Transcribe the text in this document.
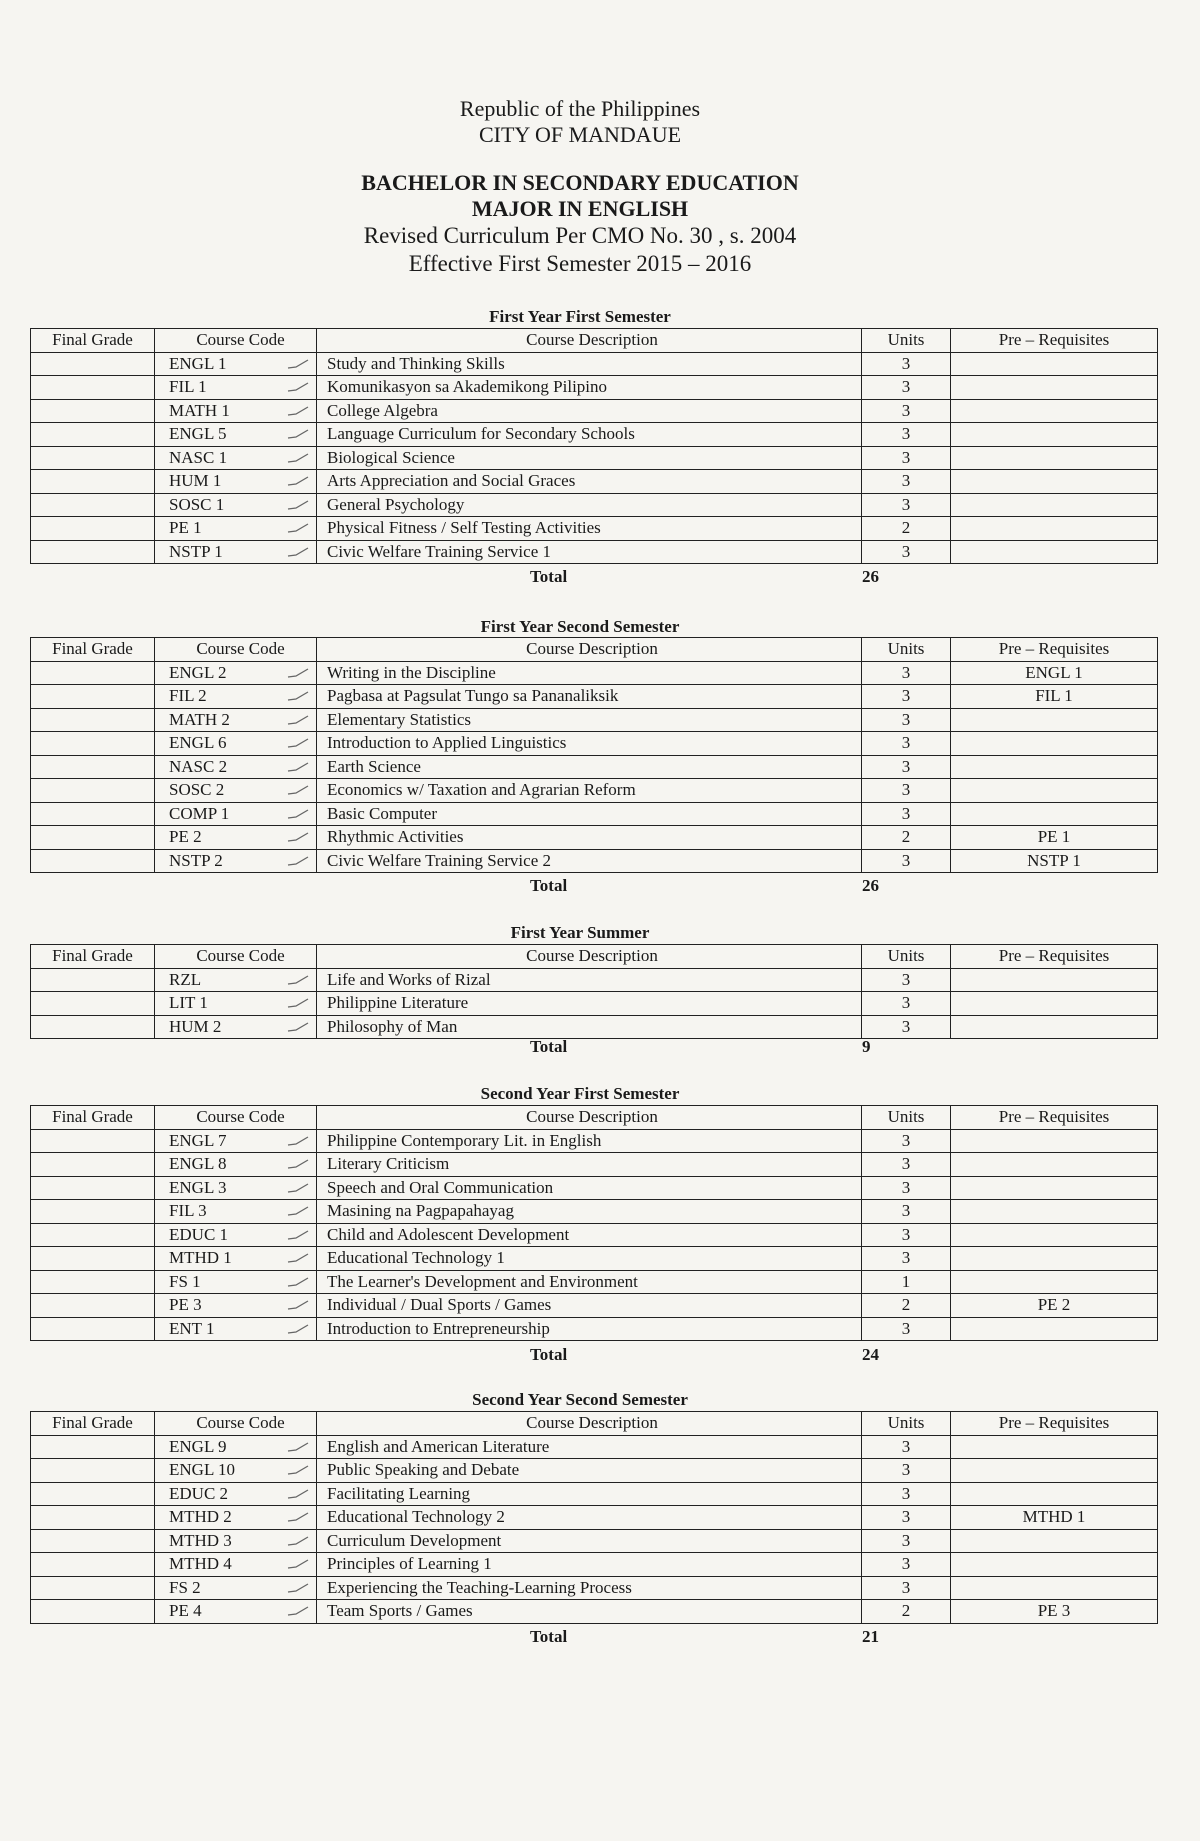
Republic of the Philippines
CITY OF MANDAUE
BACHELOR IN SECONDARY EDUCATION
MAJOR IN ENGLISH
Revised Curriculum Per CMO No. 30 , s. 2004
Effective First Semester 2015 – 2016
First Year First Semester
Final Grade	Course Code	Course Description	Units	Pre – Requisites
	ENGL 1	Study and Thinking Skills	3	
	FIL 1	Komunikasyon sa Akademikong Pilipino	3	
	MATH 1	College Algebra	3	
	ENGL 5	Language Curriculum for Secondary Schools	3	
	NASC 1	Biological Science	3	
	HUM 1	Arts Appreciation and Social Graces	3	
	SOSC 1	General Psychology	3	
	PE 1	Physical Fitness / Self Testing Activities	2	
	NSTP 1	Civic Welfare Training Service 1	3	
Total	26
First Year Second Semester
Final Grade	Course Code	Course Description	Units	Pre – Requisites
	ENGL 2	Writing in the Discipline	3	ENGL 1
	FIL 2	Pagbasa at Pagsulat Tungo sa Pananaliksik	3	FIL 1
	MATH 2	Elementary Statistics	3	
	ENGL 6	Introduction to Applied Linguistics	3	
	NASC 2	Earth Science	3	
	SOSC 2	Economics w/ Taxation and Agrarian Reform	3	
	COMP 1	Basic Computer	3	
	PE 2	Rhythmic Activities	2	PE 1
	NSTP 2	Civic Welfare Training Service 2	3	NSTP 1
Total	26
First Year Summer
Final Grade	Course Code	Course Description	Units	Pre – Requisites
	RZL	Life and Works of Rizal	3	
	LIT 1	Philippine Literature	3	
	HUM 2	Philosophy of Man	3	
Total	9
Second Year First Semester
Final Grade	Course Code	Course Description	Units	Pre – Requisites
	ENGL 7	Philippine Contemporary Lit. in English	3	
	ENGL 8	Literary Criticism	3	
	ENGL 3	Speech and Oral Communication	3	
	FIL 3	Masining na Pagpapahayag	3	
	EDUC 1	Child and Adolescent Development	3	
	MTHD 1	Educational Technology 1	3	
	FS 1	The Learner's Development and Environment	1	
	PE 3	Individual / Dual Sports / Games	2	PE 2
	ENT 1	Introduction to Entrepreneurship	3	
Total	24
Second Year Second Semester
Final Grade	Course Code	Course Description	Units	Pre – Requisites
	ENGL 9	English and American Literature	3	
	ENGL 10	Public Speaking and Debate	3	
	EDUC 2	Facilitating Learning	3	
	MTHD 2	Educational Technology 2	3	MTHD 1
	MTHD 3	Curriculum Development	3	
	MTHD 4	Principles of Learning 1	3	
	FS 2	Experiencing the Teaching-Learning Process	3	
	PE 4	Team Sports / Games	2	PE 3
Total	21
